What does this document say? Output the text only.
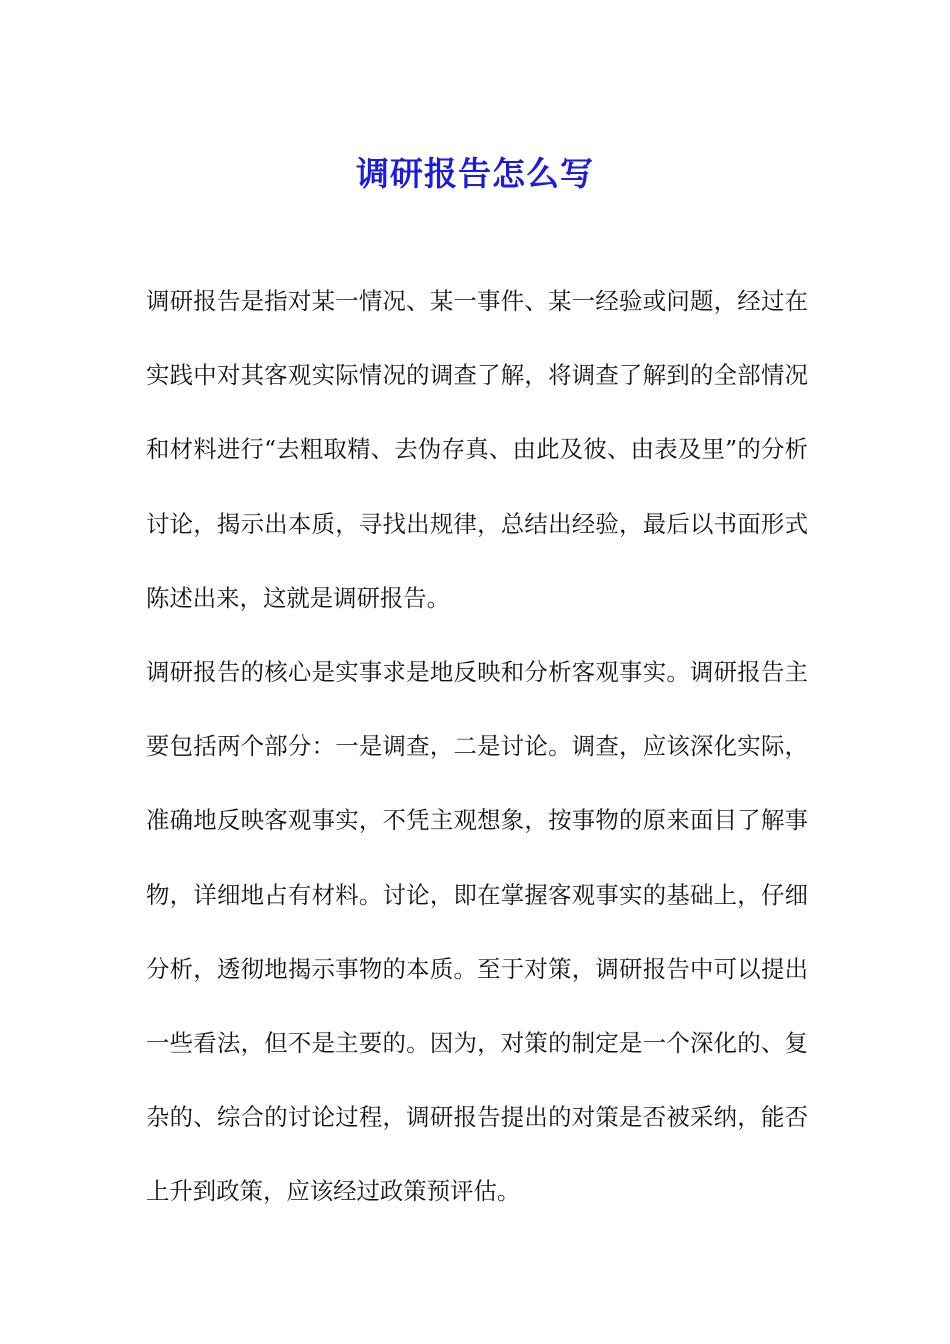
调研报告怎么写

调研报告是指对某一情况、某一事件、某一经验或问题，经过在实践中对其客观实际情况的调查了解，将调查了解到的全部情况和材料进行“去粗取精、去伪存真、由此及彼、由表及里”的分析讨论，揭示出本质，寻找出规律，总结出经验，最后以书面形式陈述出来，这就是调研报告。

调研报告的核心是实事求是地反映和分析客观事实。调研报告主要包括两个部分：一是调查，二是讨论。调查，应该深化实际，准确地反映客观事实，不凭主观想象，按事物的原来面目了解事物，详细地占有材料。讨论，即在掌握客观事实的基础上，仔细分析，透彻地揭示事物的本质。至于对策，调研报告中可以提出一些看法，但不是主要的。因为，对策的制定是一个深化的、复杂的、综合的讨论过程，调研报告提出的对策是否被采纳，能否上升到政策，应该经过政策预评估。
